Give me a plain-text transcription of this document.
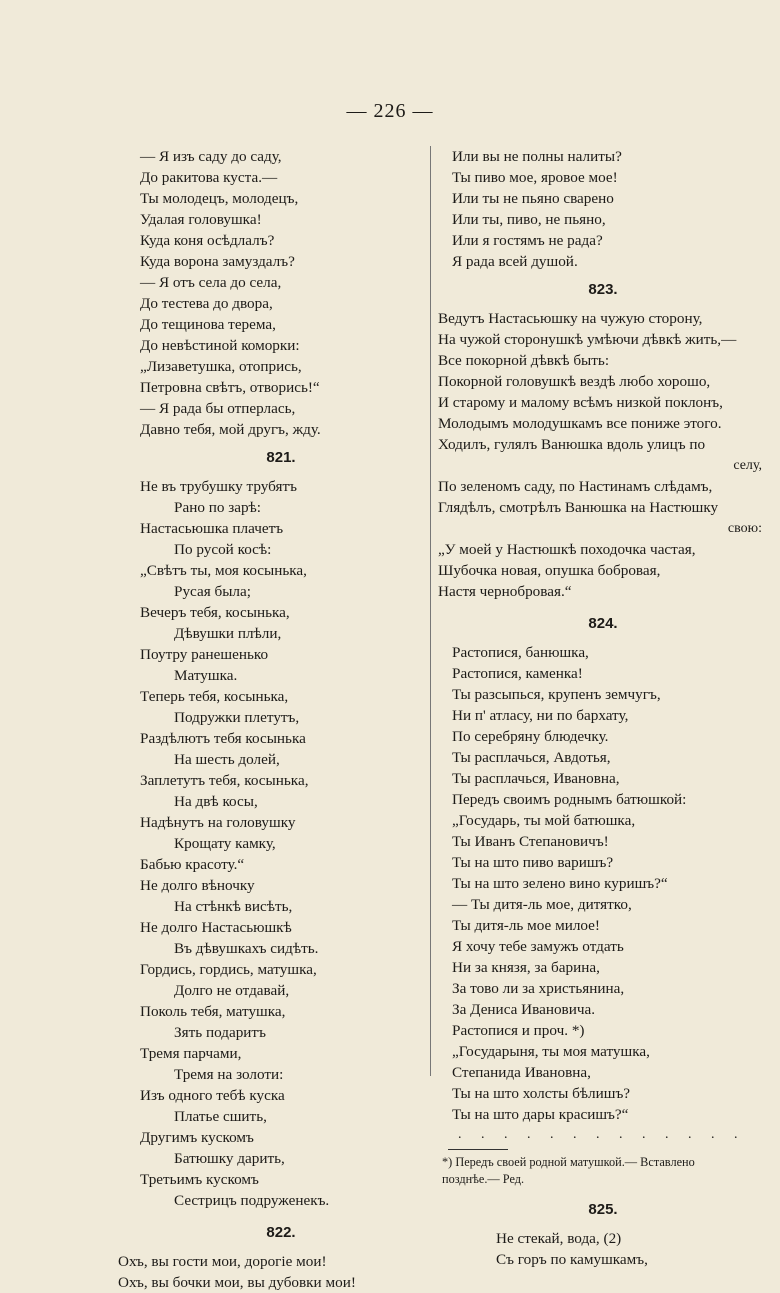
— 226 —
— Я изъ саду до саду,
До ракитова куста.—
Ты молодецъ, молодецъ,
Удалая головушка!
Куда коня осѣдлалъ?
Куда ворона замуздалъ?
— Я отъ села до села,
До тестева до двора,
До тещинова терема,
До невѣстиной коморки:
„Лизаветушка, отопрись,
Петровна свѣтъ, отворись!“
— Я рада бы отперлась,
Давно тебя, мой другъ, жду.
821.
Не въ трубушку трубятъ
Рано по зарѣ:
Настасьюшка плачетъ
По русой косѣ:
„Свѣтъ ты, моя косынька,
Русая была;
Вечеръ тебя, косынька,
Дѣвушки плѣли,
Поутру ранешенько
Матушка.
Теперь тебя, косынька,
Подружки плетутъ,
Раздѣлютъ тебя косынька
На шесть долей,
Заплетутъ тебя, косынька,
На двѣ косы,
Надѣнутъ на головушку
Крощату камку,
Бабью красоту.“
Не долго вѣночку
На стѣнкѣ висѣть,
Не долго Настасьюшкѣ
Въ дѣвушкахъ сидѣть.
Гордись, гордись, матушка,
Долго не отдавай,
Поколь тебя, матушка,
Зять подаритъ
Тремя парчами,
Тремя на золоти:
Изъ одного тебѣ куска
Платье сшить,
Другимъ кускомъ
Батюшку дарить,
Третьимъ кускомъ
Сестрицъ подруженекъ.
822.
Охъ, вы гости мои, дорогіе мои!
Охъ, вы бочки мои, вы дубовки мои!
Или вы не полны налиты?
Ты пиво мое, яровое мое!
Или ты не пьяно сварено
Или ты, пиво, не пьяно,
Или я гостямъ не рада?
Я рада всей душой.
823.
Ведутъ Настасьюшку на чужую сторону,
На чужой сторонушкѣ умѣючи дѣвкѣ жить,—
Все покорной дѣвкѣ быть:
Покорной головушкѣ вездѣ любо хорошо,
И старому и малому всѣмъ низкой поклонъ,
Молодымъ молодушкамъ все пониже этого.
Ходилъ, гулялъ Ванюшка вдоль улицъ по
селу,
По зеленомъ саду, по Настинамъ слѣдамъ,
Глядѣлъ, смотрѣлъ Ванюшка на Настюшку
свою:
„У моей у Настюшкѣ походочка частая,
Шубочка новая, опушка бобровая,
Настя чернобровая.“
824.
Растопися, банюшка,
Растопися, каменка!
Ты разсыпься, крупенъ земчугъ,
Ни п' атласу, ни по бархату,
По серебряну блюдечку.
Ты расплачься, Авдотья,
Ты расплачься, Ивановна,
Передъ своимъ роднымъ батюшкой:
„Государь, ты мой батюшка,
Ты Иванъ Степановичъ!
Ты на што пиво варишъ?
Ты на што зелено вино куришъ?“
— Ты дитя-ль мое, дитятко,
Ты дитя-ль мое милое!
Я хочу тебе замужъ отдать
Ни за князя, за барина,
За тово ли за христьянина,
За Дениса Ивановича.
Растопися и проч. *)
„Государыня, ты моя матушка,
Степанида Ивановна,
Ты на што холсты бѣлишъ?
Ты на што дары красишъ?“
. . . . . . . . . . . . .
*) Передъ своей родной матушкой.— Вставлено
позднѣе.— Ред.
825.
Не стекай, вода, (2)
Съ горъ по камушкамъ,
